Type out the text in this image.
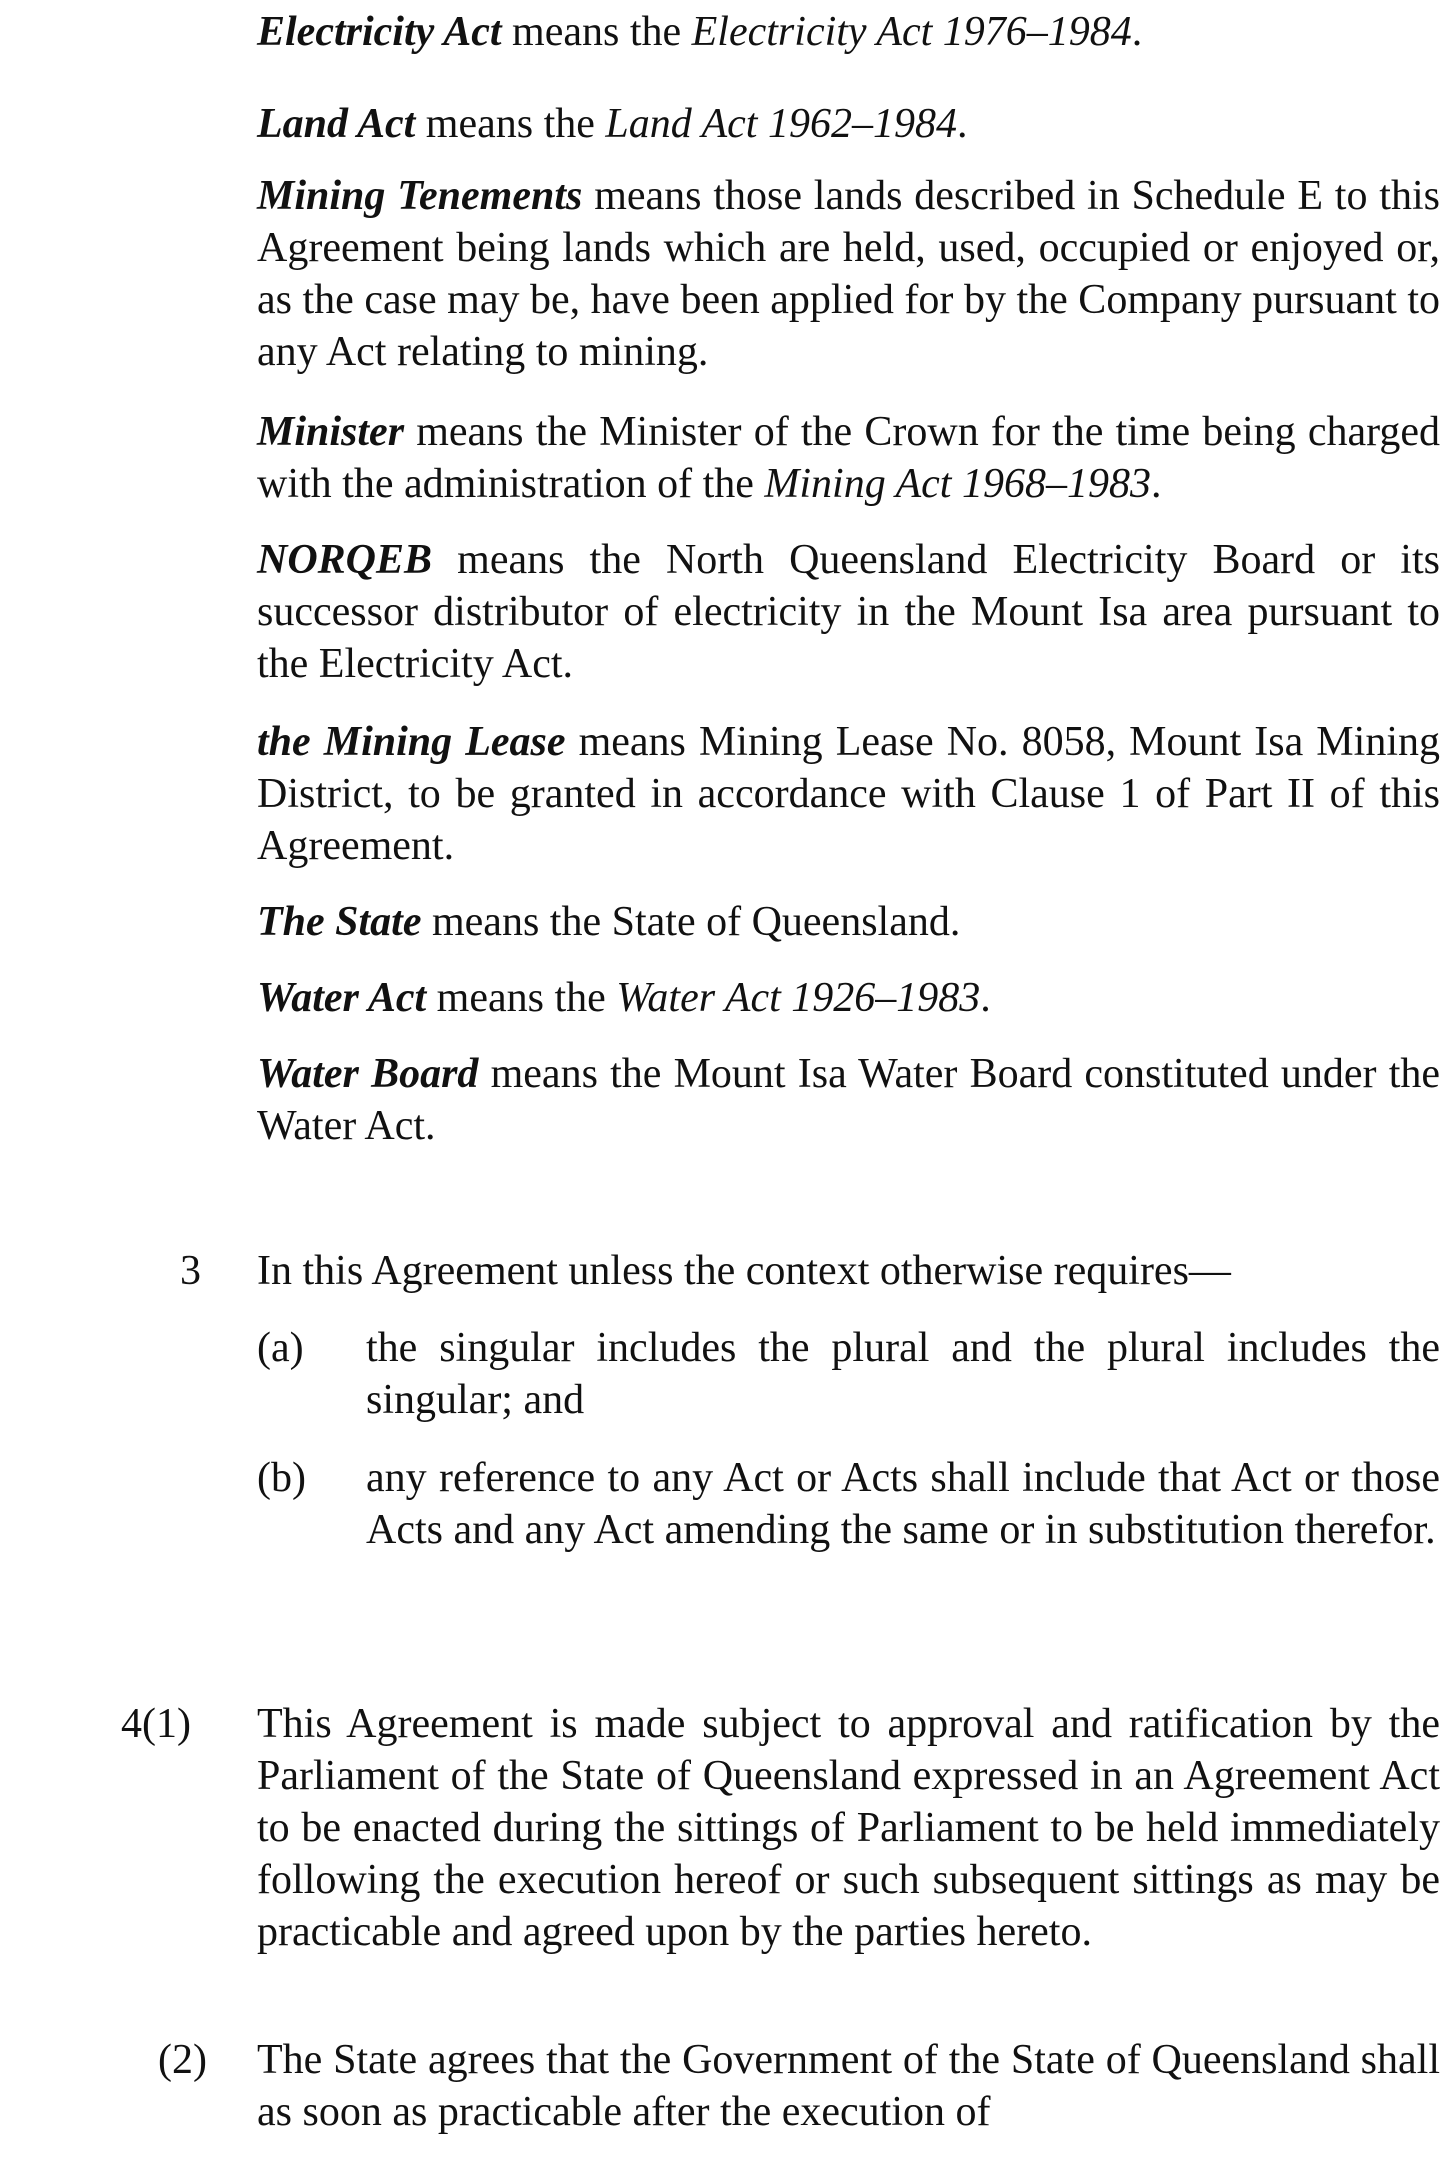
Electricity Act means the Electricity Act 1976–1984.

Land Act means the Land Act 1962–1984.

Mining Tenements means those lands described in Schedule E to this Agreement being lands which are held, used, occupied or enjoyed or, as the case may be, have been applied for by the Company pursuant to any Act relating to mining.

Minister means the Minister of the Crown for the time being charged with the administration of the Mining Act 1968–1983.

NORQEB means the North Queensland Electricity Board or its successor distributor of electricity in the Mount Isa area pursuant to the Electricity Act.

the Mining Lease means Mining Lease No. 8058, Mount Isa Mining District, to be granted in accordance with Clause 1 of Part II of this Agreement.

The State means the State of Queensland.

Water Act means the Water Act 1926–1983.

Water Board means the Mount Isa Water Board constituted under the Water Act.

3 In this Agreement unless the context otherwise requires—

(a) the singular includes the plural and the plural includes the singular; and

(b) any reference to any Act or Acts shall include that Act or those Acts and any Act amending the same or in substitution therefor.

4(1) This Agreement is made subject to approval and ratification by the Parliament of the State of Queensland expressed in an Agreement Act to be enacted during the sittings of Parliament to be held immediately following the execution hereof or such subsequent sittings as may be practicable and agreed upon by the parties hereto.

(2) The State agrees that the Government of the State of Queensland shall as soon as practicable after the execution of
